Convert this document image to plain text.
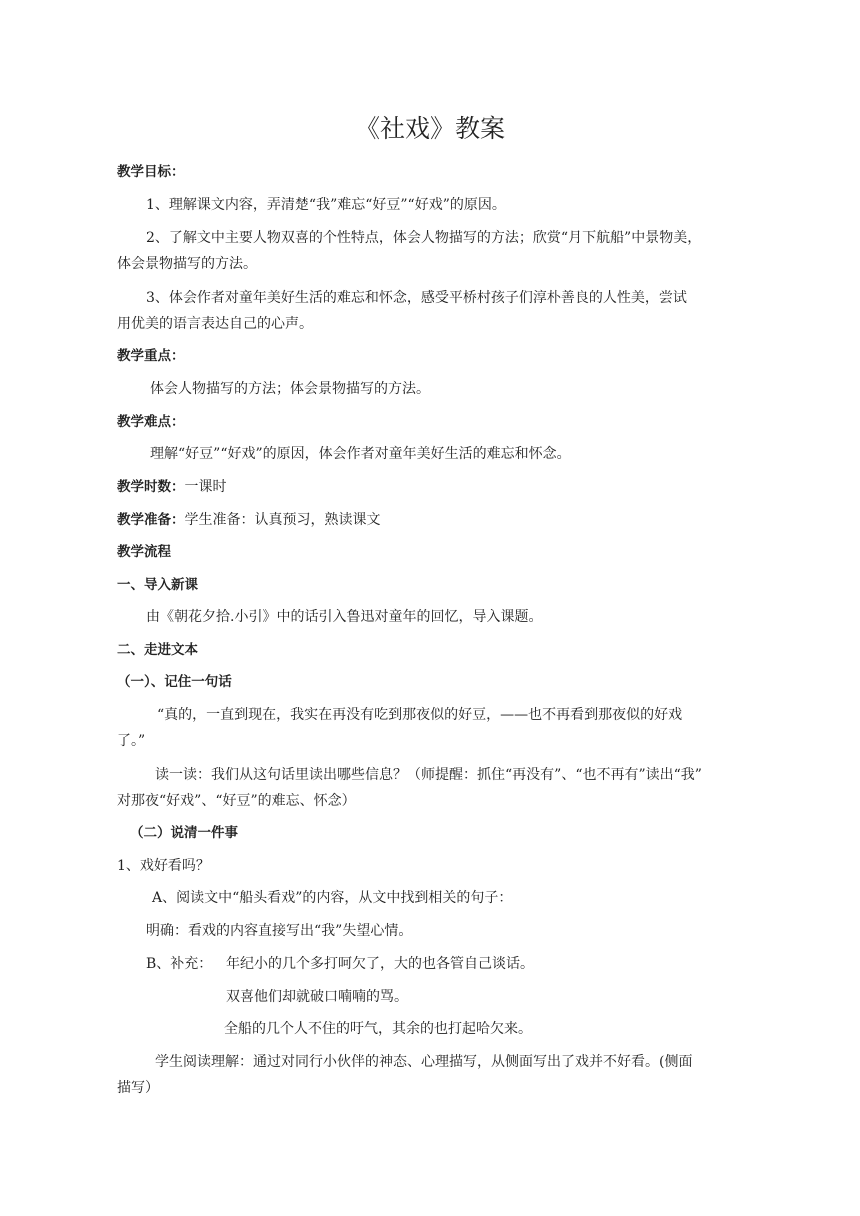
《社戏》教案
教学目标：
1、理解课文内容，弄清楚“我”难忘“好豆”“好戏”的原因。
2、了解文中主要人物双喜的个性特点，体会人物描写的方法；欣赏“月下航船”中景物美，
体会景物描写的方法。
3、体会作者对童年美好生活的难忘和怀念，感受平桥村孩子们淳朴善良的人性美，尝试
用优美的语言表达自己的心声。
教学重点：
体会人物描写的方法；体会景物描写的方法。
教学难点：
理解“好豆”“好戏”的原因，体会作者对童年美好生活的难忘和怀念。
教学时数：一课时
教学准备：学生准备：认真预习，熟读课文
教学流程
一、导入新课
由《朝花夕拾.小引》中的话引入鲁迅对童年的回忆，导入课题。
二、走进文本
（一）、记住一句话
“真的，一直到现在，我实在再没有吃到那夜似的好豆，——也不再看到那夜似的好戏
了。”
读一读：我们从这句话里读出哪些信息？（师提醒：抓住“再没有”、“也不再有”读出“我”
对那夜“好戏”、“好豆”的难忘、怀念）
（二）说清一件事
1、戏好看吗？
A、阅读文中“船头看戏”的内容，从文中找到相关的句子：
明确：看戏的内容直接写出“我”失望心情。
B、补充： 年纪小的几个多打呵欠了，大的也各管自己谈话。
双喜他们却就破口喃喃的骂。
全船的几个人不住的吁气，其余的也打起哈欠来。
学生阅读理解：通过对同行小伙伴的神态、心理描写，从侧面写出了戏并不好看。(侧面
描写）
